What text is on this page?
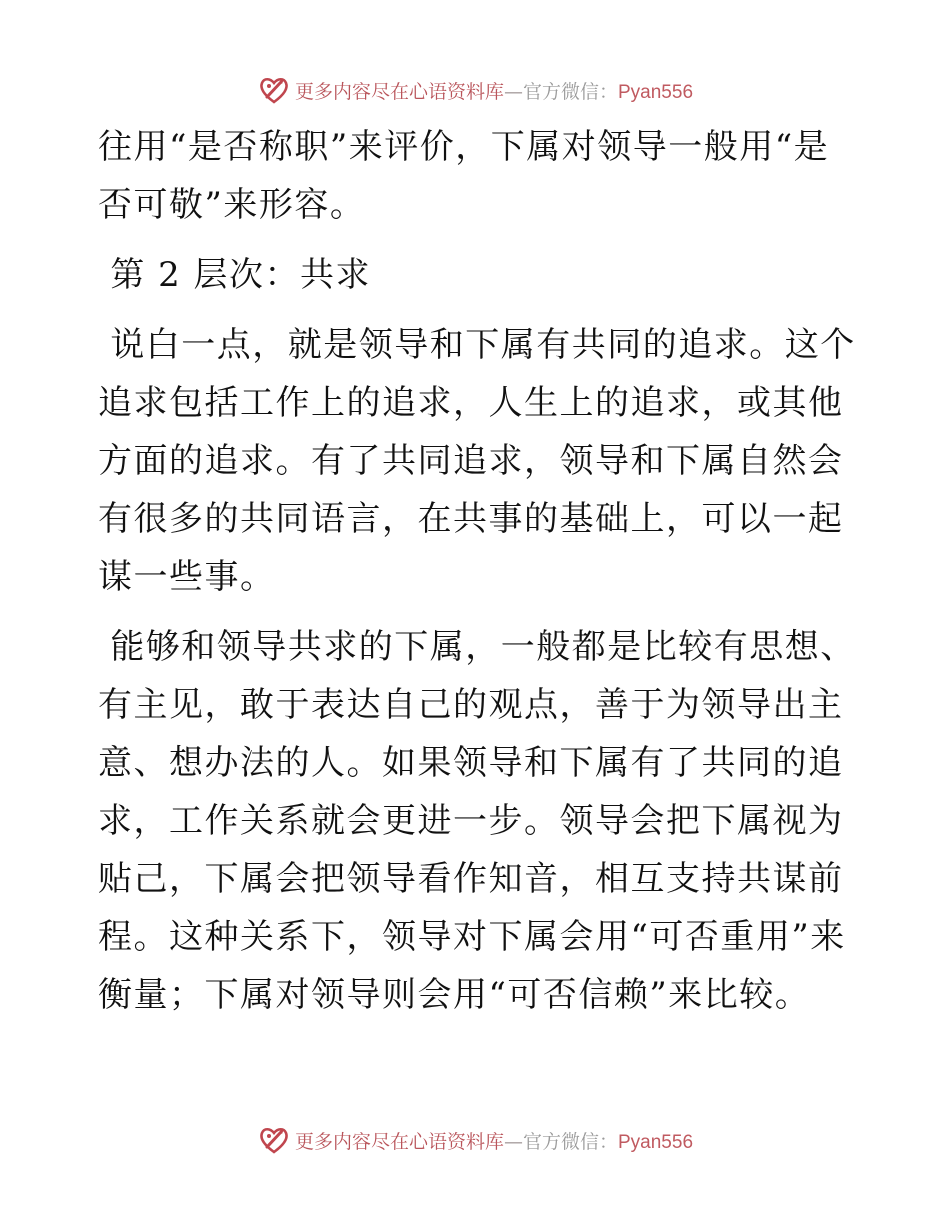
更多内容尽在心语资料库—官方微信：Pyan556

往用“是否称职”来评价，下属对领导一般用“是否可敬”来形容。

第 2 层次：共求

说白一点，就是领导和下属有共同的追求。这个追求包括工作上的追求，人生上的追求，或其他方面的追求。有了共同追求，领导和下属自然会有很多的共同语言，在共事的基础上，可以一起谋一些事。

能够和领导共求的下属，一般都是比较有思想、有主见，敢于表达自己的观点，善于为领导出主意、想办法的人。如果领导和下属有了共同的追求，工作关系就会更进一步。领导会把下属视为贴己，下属会把领导看作知音，相互支持共谋前程。这种关系下，领导对下属会用“可否重用”来衡量；下属对领导则会用“可否信赖”来比较。

更多内容尽在心语资料库—官方微信：Pyan556
